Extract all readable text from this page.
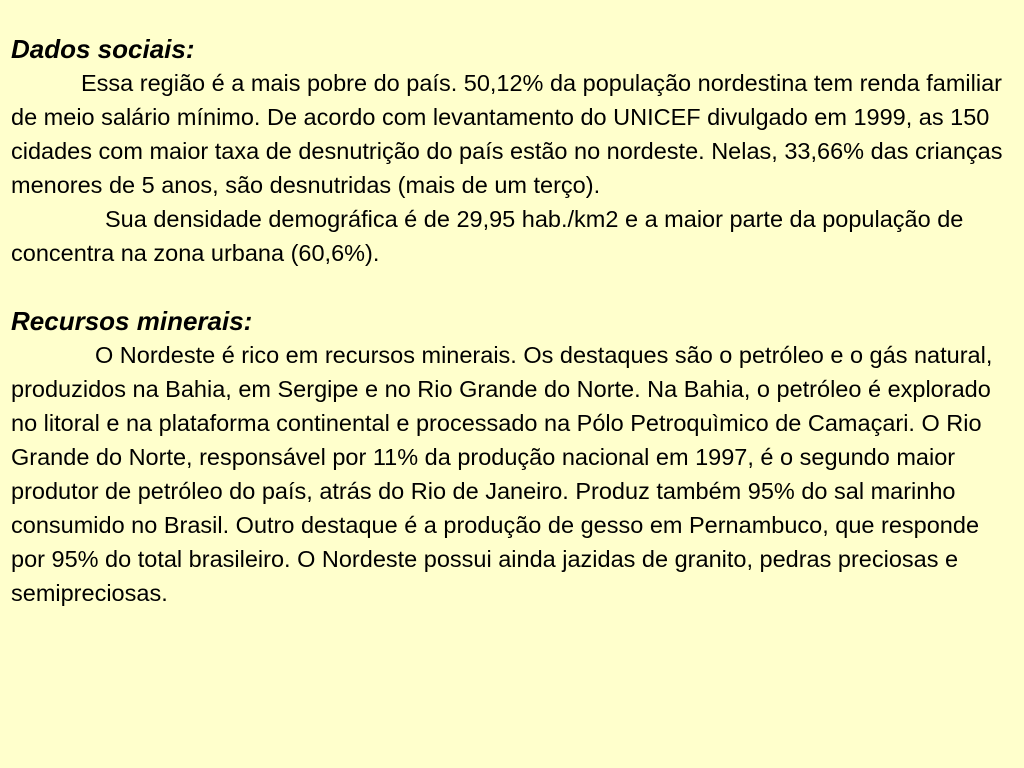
Dados sociais:

Essa região é a mais pobre do país. 50,12% da população nordestina tem renda familiar de meio salário mínimo. De acordo com levantamento do UNICEF divulgado em 1999, as 150 cidades com maior taxa de desnutrição do país estão no nordeste. Nelas, 33,66% das crianças menores de 5 anos, são desnutridas (mais de um terço).

Sua densidade demográfica é de 29,95 hab./km2 e a maior parte da população de concentra na zona urbana (60,6%).

Recursos minerais:

O Nordeste é rico em recursos minerais. Os destaques são o petróleo e o gás natural, produzidos na Bahia, em Sergipe e no Rio Grande do Norte. Na Bahia, o petróleo é explorado no litoral e na plataforma continental e processado na Pólo Petroquìmico de Camaçari. O Rio Grande do Norte, responsável por 11% da produção nacional em 1997, é o segundo maior produtor de petróleo do país, atrás do Rio de Janeiro. Produz também 95% do sal marinho consumido no Brasil. Outro destaque é a produção de gesso em Pernambuco, que responde por 95% do total brasileiro. O Nordeste possui ainda jazidas de granito, pedras preciosas e semipreciosas.
